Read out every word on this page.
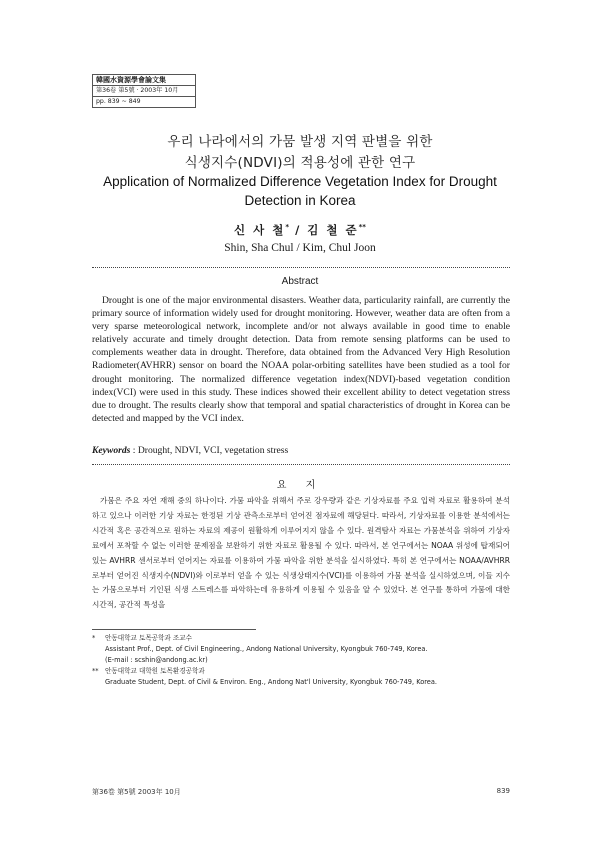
韓國水資源學會論文集
第36卷 第5號 · 2003年 10月
pp. 839 ~ 849
우리 나라에서의 가뭄 발생 지역 판별을 위한
식생지수(NDVI)의 적용성에 관한 연구
Application of Normalized Difference Vegetation Index for Drought
Detection in Korea
신 사 철* / 김 철 준**
Shin, Sha Chul / Kim, Chul Joon
Abstract
Drought is one of the major environmental disasters. Weather data, particularity rainfall, are currently the primary source of information widely used for drought monitoring. However, weather data are often from a very sparse meteorological network, incomplete and/or not always available in good time to enable relatively accurate and timely drought detection. Data from remote sensing platforms can be used to complements weather data in drought. Therefore, data obtained from the Advanced Very High Resolution Radiometer(AVHRR) sensor on board the NOAA polar-orbiting satellites have been studied as a tool for drought monitoring. The normalized difference vegetation index(NDVI)-based vegetation condition index(VCI) were used in this study. These indices showed their excellent ability to detect vegetation stress due to drought. The results clearly show that temporal and spatial characteristics of drought in Korea can be detected and mapped by the VCI index.
Keywords : Drought, NDVI, VCI, vegetation stress
요 지
가뭄은 주요 자연 재해 중의 하나이다. 가뭄 파악을 위해서 주로 강우량과 같은 기상자료를 주요 입력 자료로 활용하여 분석하고 있으나 이러한 기상 자료는 한정된 기상 관측소로부터 얻어진 점자료에 해당된다. 따라서, 기상자료를 이용한 분석에서는 시간적 혹은 공간적으로 원하는 자료의 제공이 원활하게 이루어지지 않을 수 있다. 원격탐사 자료는 가뭄분석을 위하여 기상자료에서 포착할 수 없는 이러한 문제점을 보완하기 위한 자료로 활용될 수 있다. 따라서, 본 연구에서는 NOAA 위성에 탑재되어 있는 AVHRR 센서로부터 얻어지는 자료를 이용하여 가뭄 파악을 위한 분석을 실시하였다. 특히 본 연구에서는 NOAA/AVHRR 로부터 얻어진 식생지수(NDVI)와 이로부터 얻을 수 있는 식생상태지수(VCI)를 이용하여 가뭄 분석을 실시하였으며, 이들 지수는 가뭄으로부터 기인된 식생 스트레스를 파악하는데 유용하게 이용될 수 있음을 알 수 있었다. 본 연구를 통하여 가뭄에 대한 시간적, 공간적 특성을
* 안동대학교 토목공학과 조교수
Assistant Prof., Dept. of Civil Engineering., Andong National University, Kyongbuk 760-749, Korea.
(E-mail : scshin@andong.ac.kr)
** 안동대학교 대학원 토목환경공학과
Graduate Student, Dept. of Civil & Environ. Eng., Andong Nat'l University, Kyongbuk 760-749, Korea.
第36卷 第5號 2003年 10月	839
